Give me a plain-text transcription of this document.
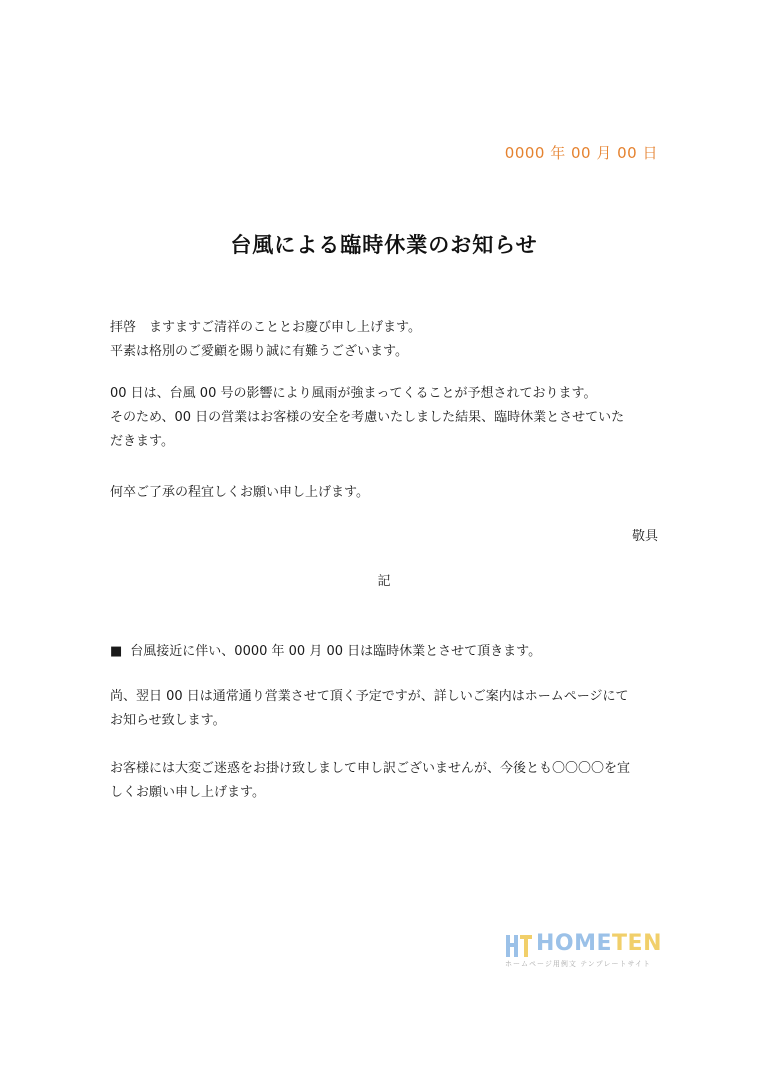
0000 年 00 月 00 日
台風による臨時休業のお知らせ
拝啓　ますますご清祥のこととお慶び申し上げます。
平素は格別のご愛顧を賜り誠に有難うございます。
00 日は、台風 00 号の影響により風雨が強まってくることが予想されております。
そのため、00 日の営業はお客様の安全を考慮いたしました結果、臨時休業とさせていた
だきます。
何卒ご了承の程宜しくお願い申し上げます。
敬具
記
■ 台風接近に伴い、0000 年 00 月 00 日は臨時休業とさせて頂きます。
尚、翌日 00 日は通常通り営業させて頂く予定ですが、詳しいご案内はホームページにて
お知らせ致します。
お客様には大変ご迷惑をお掛け致しまして申し訳ございませんが、今後とも〇〇〇〇を宜
しくお願い申し上げます。
HOMETEN
ホームページ用例文 テンプレートサイト
